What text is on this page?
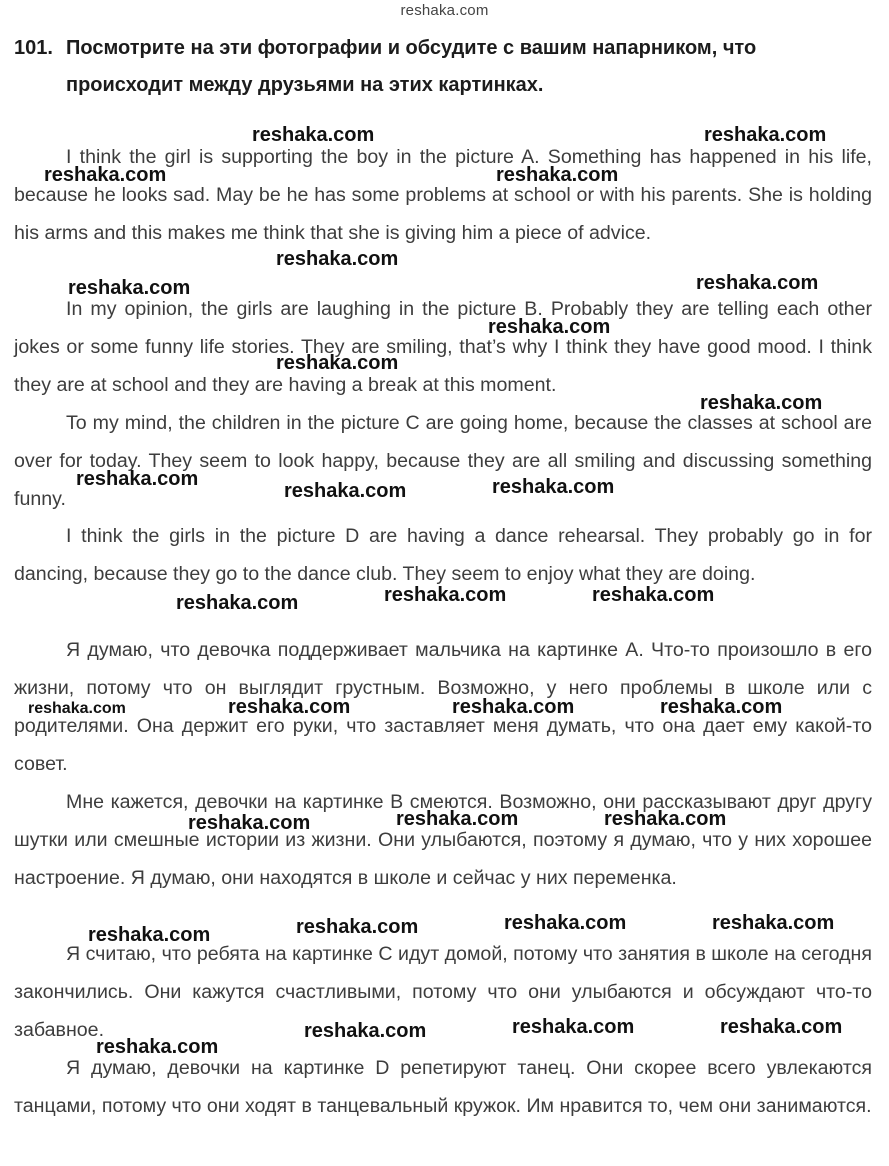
reshaka.com
101. Посмотрите на эти фотографии и обсудите с вашим напарником, что
происходит между друзьями на этих картинках.
I think the girl is supporting the boy in the picture A. Something has happened in his life, because he looks sad. May be he has some problems at school or with his parents. She is holding his arms and this makes me think that she is giving him a piece of advice.
In my opinion, the girls are laughing in the picture B. Probably they are telling each other jokes or some funny life stories. They are smiling, that’s why I think they have good mood. I think they are at school and they are having a break at this moment.
To my mind, the children in the picture C are going home, because the classes at school are over for today. They seem to look happy, because they are all smiling and discussing something funny.
I think the girls in the picture D are having a dance rehearsal. They probably go in for dancing, because they go to the dance club. They seem to enjoy what they are doing.
Я думаю, что девочка поддерживает мальчика на картинке А. Что-то произошло в его жизни, потому что он выглядит грустным. Возможно, у него проблемы в школе или с родителями. Она держит его руки, что заставляет меня думать, что она дает ему какой-то совет.
Мне кажется, девочки на картинке В смеются. Возможно, они рассказывают друг другу шутки или смешные истории из жизни. Они улыбаются, поэтому я думаю, что у них хорошее настроение. Я думаю, они находятся в школе и сейчас у них переменка.
Я считаю, что ребята на картинке С идут домой, потому что занятия в школе на сегодня закончились. Они кажутся счастливыми, потому что они улыбаются и обсуждают что-то забавное.
Я думаю, девочки на картинке D репетируют танец. Они скорее всего увлекаются танцами, потому что они ходят в танцевальный кружок. Им нравится то, чем они занимаются.
reshaka.com	reshaka.com
reshaka.com	reshaka.com
reshaka.com
reshaka.com	reshaka.com
reshaka.com
reshaka.com
reshaka.com
reshaka.com
reshaka.com	reshaka.com
reshaka.com	reshaka.com	reshaka.com
reshaka.com	reshaka.com	reshaka.com	reshaka.com
reshaka.com	reshaka.com	reshaka.com
reshaka.com	reshaka.com	reshaka.com
reshaka.com
reshaka.com	reshaka.com	reshaka.com
reshaka.com
